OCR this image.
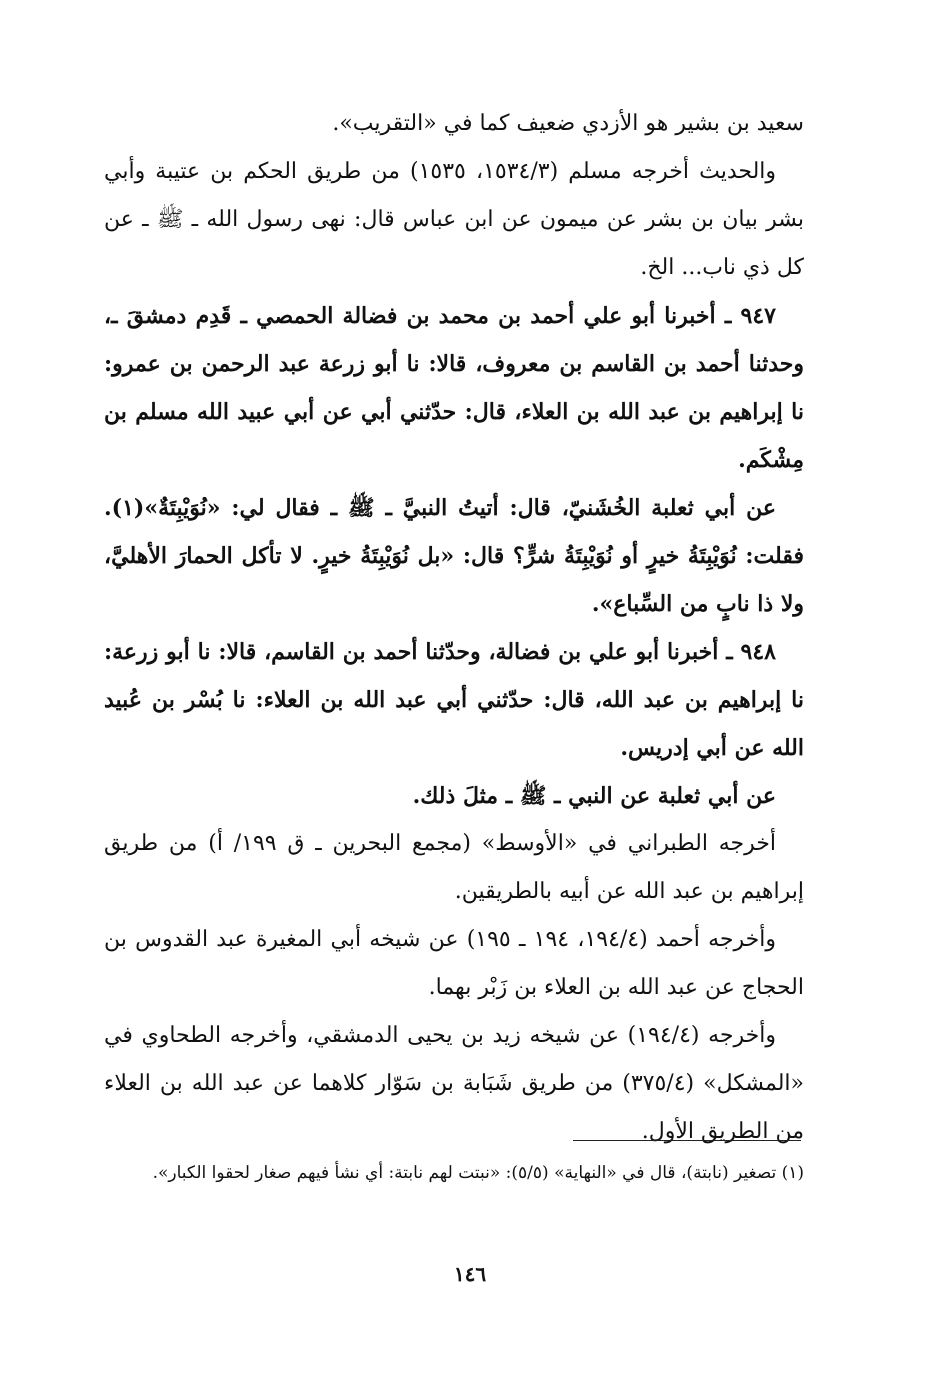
سعيد بن بشير هو الأزدي ضعيف كما في «التقريب».

والحديث أخرجه مسلم (١٥٣٤/٣، ١٥٣٥) من طريق الحكم بن عتيبة وأبي بشر بيان بن بشر عن ميمون عن ابن عباس قال: نهى رسول الله ـ ﷺ ـ عن كل ذي ناب... الخ.

٩٤٧ ـ أخبرنا أبو علي أحمد بن محمد بن فضالة الحمصي ـ قَدِم دمشقَ ـ، وحدثنا أحمد بن القاسم بن معروف، قالا: نا أبو زرعة عبد الرحمن بن عمرو: نا إبراهيم بن عبد الله بن العلاء، قال: حدّثني أبي عن أبي عبيد الله مسلم بن مِشْكَم.

عن أبي ثعلبة الخُشَنيّ، قال: أتيتُ النبيَّ ـ ﷺ ـ فقال لي: «نُوَيْبِتَةٌ»(١). فقلت: نُوَيْبِتَةُ خيرٍ أو نُوَيْبِتَةُ شرٍّ؟ قال: «بل نُوَيْبِتَةُ خيرٍ. لا تأكل الحمارَ الأهليَّ، ولا ذا نابٍ من السِّباع».

٩٤٨ ـ أخبرنا أبو علي بن فضالة، وحدّثنا أحمد بن القاسم، قالا: نا أبو زرعة: نا إبراهيم بن عبد الله، قال: حدّثني أبي عبد الله بن العلاء: نا بُسْر بن عُبيد الله عن أبي إدريس.

عن أبي ثعلبة عن النبي ـ ﷺ ـ مثلَ ذلك.

أخرجه الطبراني في «الأوسط» (مجمع البحرين ـ ق ١٩٩/ أ) من طريق إبراهيم بن عبد الله عن أبيه بالطريقين.

وأخرجه أحمد (١٩٤/٤، ١٩٤ ـ ١٩٥) عن شيخه أبي المغيرة عبد القدوس بن الحجاج عن عبد الله بن العلاء بن زَبْر بهما.

وأخرجه (١٩٤/٤) عن شيخه زيد بن يحيى الدمشقي، وأخرجه الطحاوي في «المشكل» (٣٧٥/٤) من طريق شَبَابة بن سَوّار كلاهما عن عبد الله بن العلاء من الطريق الأول.

(١) تصغير (نابتة)، قال في «النهاية» (٥/٥): «نبتت لهم نابتة: أي نشأ فيهم صغار لحقوا الكبار».

١٤٦
